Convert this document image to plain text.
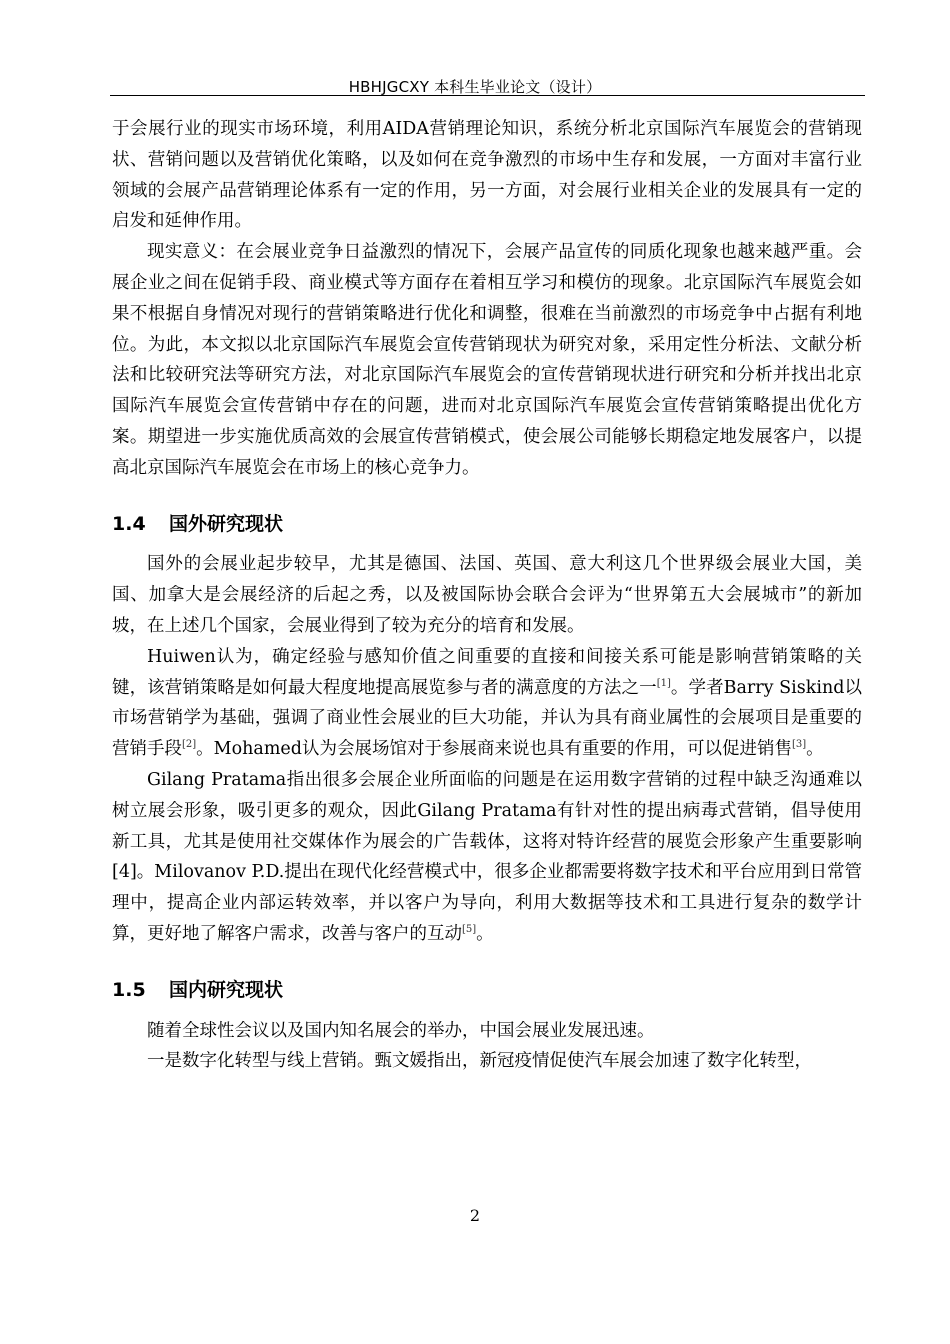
HBHJGCXY 本科生毕业论文（设计）

于会展行业的现实市场环境，利用AIDA营销理论知识，系统分析北京国际汽车展览会的营销现状、营销问题以及营销优化策略，以及如何在竞争激烈的市场中生存和发展，一方面对丰富行业领域的会展产品营销理论体系有一定的作用，另一方面，对会展行业相关企业的发展具有一定的启发和延伸作用。

现实意义：在会展业竞争日益激烈的情况下，会展产品宣传的同质化现象也越来越严重。会展企业之间在促销手段、商业模式等方面存在着相互学习和模仿的现象。北京国际汽车展览会如果不根据自身情况对现行的营销策略进行优化和调整，很难在当前激烈的市场竞争中占据有利地位。为此，本文拟以北京国际汽车展览会宣传营销现状为研究对象，采用定性分析法、文献分析法和比较研究法等研究方法，对北京国际汽车展览会的宣传营销现状进行研究和分析并找出北京国际汽车展览会宣传营销中存在的问题，进而对北京国际汽车展览会宣传营销策略提出优化方案。期望进一步实施优质高效的会展宣传营销模式，使会展公司能够长期稳定地发展客户，以提高北京国际汽车展览会在市场上的核心竞争力。

1.4	国外研究现状

国外的会展业起步较早，尤其是德国、法国、英国、意大利这几个世界级会展业大国，美国、加拿大是会展经济的后起之秀，以及被国际协会联合会评为“世界第五大会展城市”的新加坡，在上述几个国家，会展业得到了较为充分的培育和发展。

Huiwen认为，确定经验与感知价值之间重要的直接和间接关系可能是影响营销策略的关键，该营销策略是如何最大程度地提高展览参与者的满意度的方法之一[1]。学者Barry Siskind以市场营销学为基础，强调了商业性会展业的巨大功能，并认为具有商业属性的会展项目是重要的营销手段[2]。Mohamed认为会展场馆对于参展商来说也具有重要的作用，可以促进销售[3]。

Gilang Pratama指出很多会展企业所面临的问题是在运用数字营销的过程中缺乏沟通难以树立展会形象，吸引更多的观众，因此Gilang Pratama有针对性的提出病毒式营销，倡导使用新工具，尤其是使用社交媒体作为展会的广告载体，这将对特许经营的展览会形象产生重要影响[4]。Milovanov P.D.提出在现代化经营模式中，很多企业都需要将数字技术和平台应用到日常管理中，提高企业内部运转效率，并以客户为导向，利用大数据等技术和工具进行复杂的数学计算，更好地了解客户需求，改善与客户的互动[5]。

1.5	国内研究现状

随着全球性会议以及国内知名展会的举办，中国会展业发展迅速。

一是数字化转型与线上营销。甄文媛指出，新冠疫情促使汽车展会加速了数字化转型，

2
